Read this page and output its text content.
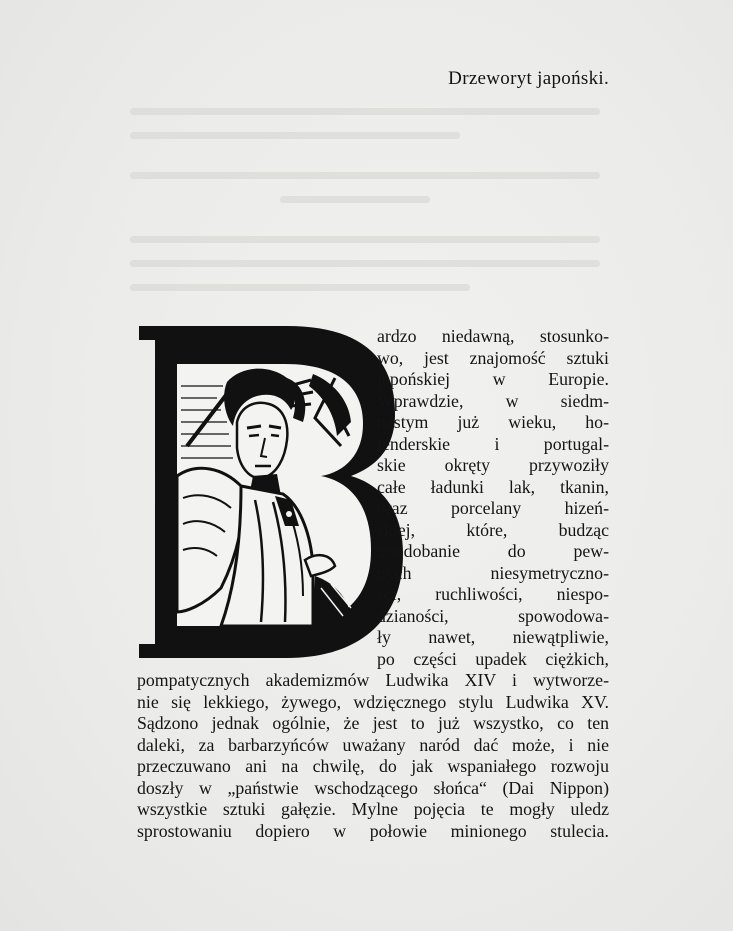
Drzeworyt japoński.
ardzo niedawną, stosunko-
wo, jest znajomość sztuki
japońskiej w Europie.
Wprawdzie, w siedm-
nastym już wieku, ho-
lenderskie i portugal-
skie okręty przywoziły
całe ładunki lak, tkanin,
oraz porcelany hizeń-
skiej, które, budząc
upodobanie do pew-
nych niesymetryczno-
ści, ruchliwości, niespo-
dzianości, spowodowa-
ły nawet, niewątpliwie,
po części upadek ciężkich,
pompatycznych akademizmów Ludwika XIV i wytworze-
nie się lekkiego, żywego, wdzięcznego stylu Ludwika XV.
Sądzono jednak ogólnie, że jest to już wszystko, co ten
daleki, za barbarzyńców uważany naród dać może, i nie
przeczuwano ani na chwilę, do jak wspaniałego rozwoju
doszły w „państwie wschodzącego słońca“ (Dai Nippon)
wszystkie sztuki gałęzie. Mylne pojęcia te mogły uledz
sprostowaniu dopiero w połowie minionego stulecia.
